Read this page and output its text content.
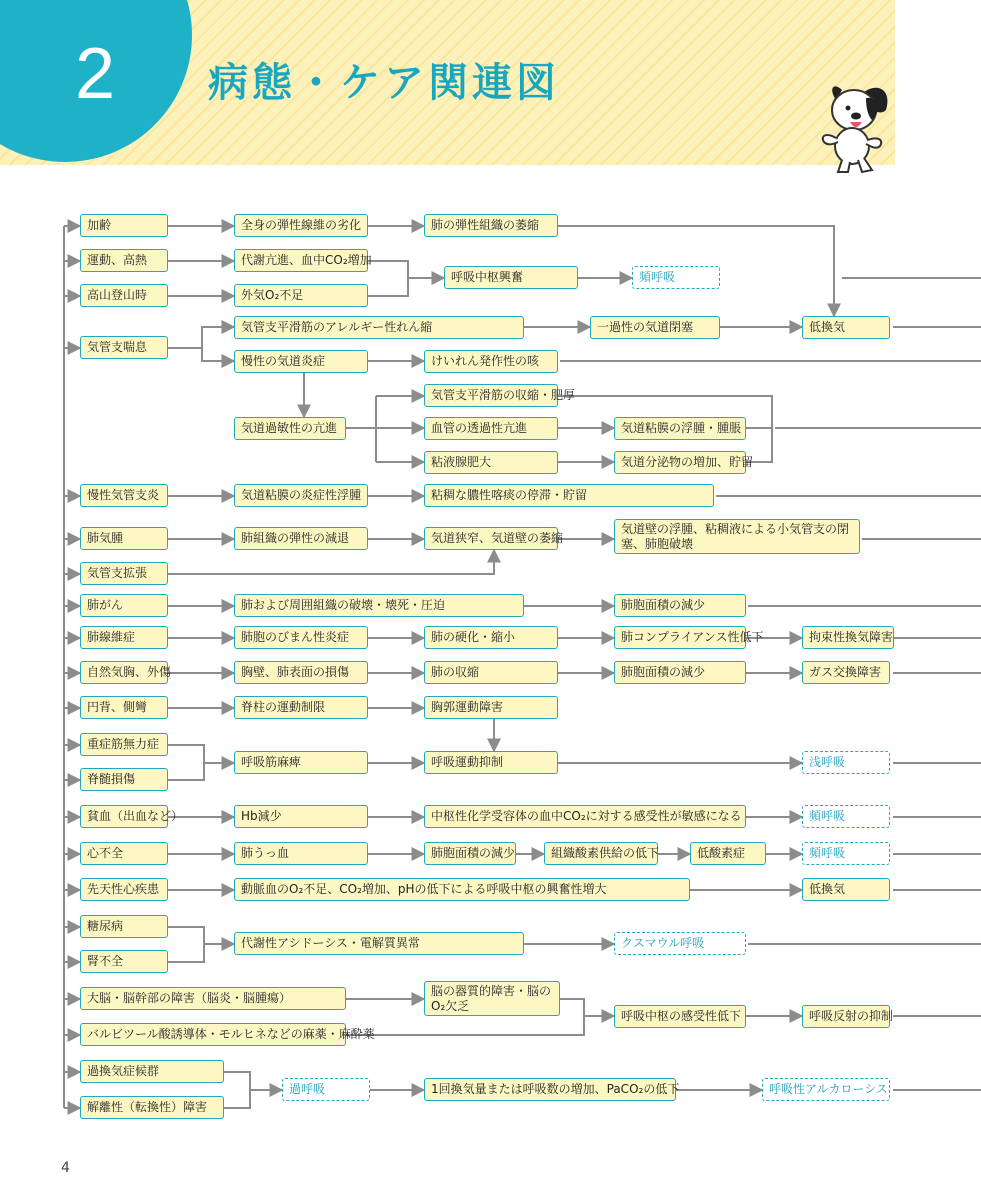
2	病態・ケア関連図
加齢
運動、高熱
高山登山時
気管支喘息
慢性気管支炎
肺気腫
気管支拡張
肺がん
肺線維症
自然気胸、外傷
円背、側彎
重症筋無力症
脊髄損傷
貧血（出血など）
心不全
先天性心疾患
糖尿病
腎不全
大脳・脳幹部の障害（脳炎・脳腫瘍）
バルビツール酸誘導体・モルヒネなどの麻薬・麻酔薬
過換気症候群
解離性（転換性）障害
全身の弾性線維の劣化
代謝亢進、血中CO₂増加
外気O₂不足
気管支平滑筋のアレルギー性れん縮
慢性の気道炎症
気道過敏性の亢進
気道粘膜の炎症性浮腫
肺組織の弾性の減退
肺および周囲組織の破壊・壊死・圧迫
肺胞のびまん性炎症
胸壁、肺表面の損傷
脊柱の運動制限
呼吸筋麻痺
Hb減少
肺うっ血
動脈血のO₂不足、CO₂増加、pHの低下による呼吸中枢の興奮性増大
代謝性アシドーシス・電解質異常
脳の器質的障害・脳のO₂欠乏
過呼吸
肺の弾性組織の萎縮
呼吸中枢興奮	頻呼吸
一過性の気道閉塞	低換気
けいれん発作性の咳
気管支平滑筋の収縮・肥厚
血管の透過性亢進
粘液腺肥大
気道粘膜の浮腫・腫脹
気道分泌物の増加、貯留
粘稠な膿性喀痰の停滞・貯留
気道狭窄、気道壁の萎縮
気道壁の浮腫、粘稠液による小気管支の閉塞、肺胞破壊
肺胞面積の減少
肺の硬化・縮小	肺コンプライアンス性低下	拘束性換気障害
肺の収縮	肺胞面積の減少	ガス交換障害
胸郭運動障害
呼吸運動抑制	浅呼吸
中枢性化学受容体の血中CO₂に対する感受性が敏感になる	頻呼吸
肺胞面積の減少	組織酸素供給の低下	低酸素症	頻呼吸
低換気
クスマウル呼吸
呼吸中枢の感受性低下	呼吸反射の抑制
1回換気量または呼吸数の増加、PaCO₂の低下	呼吸性アルカローシス
4
